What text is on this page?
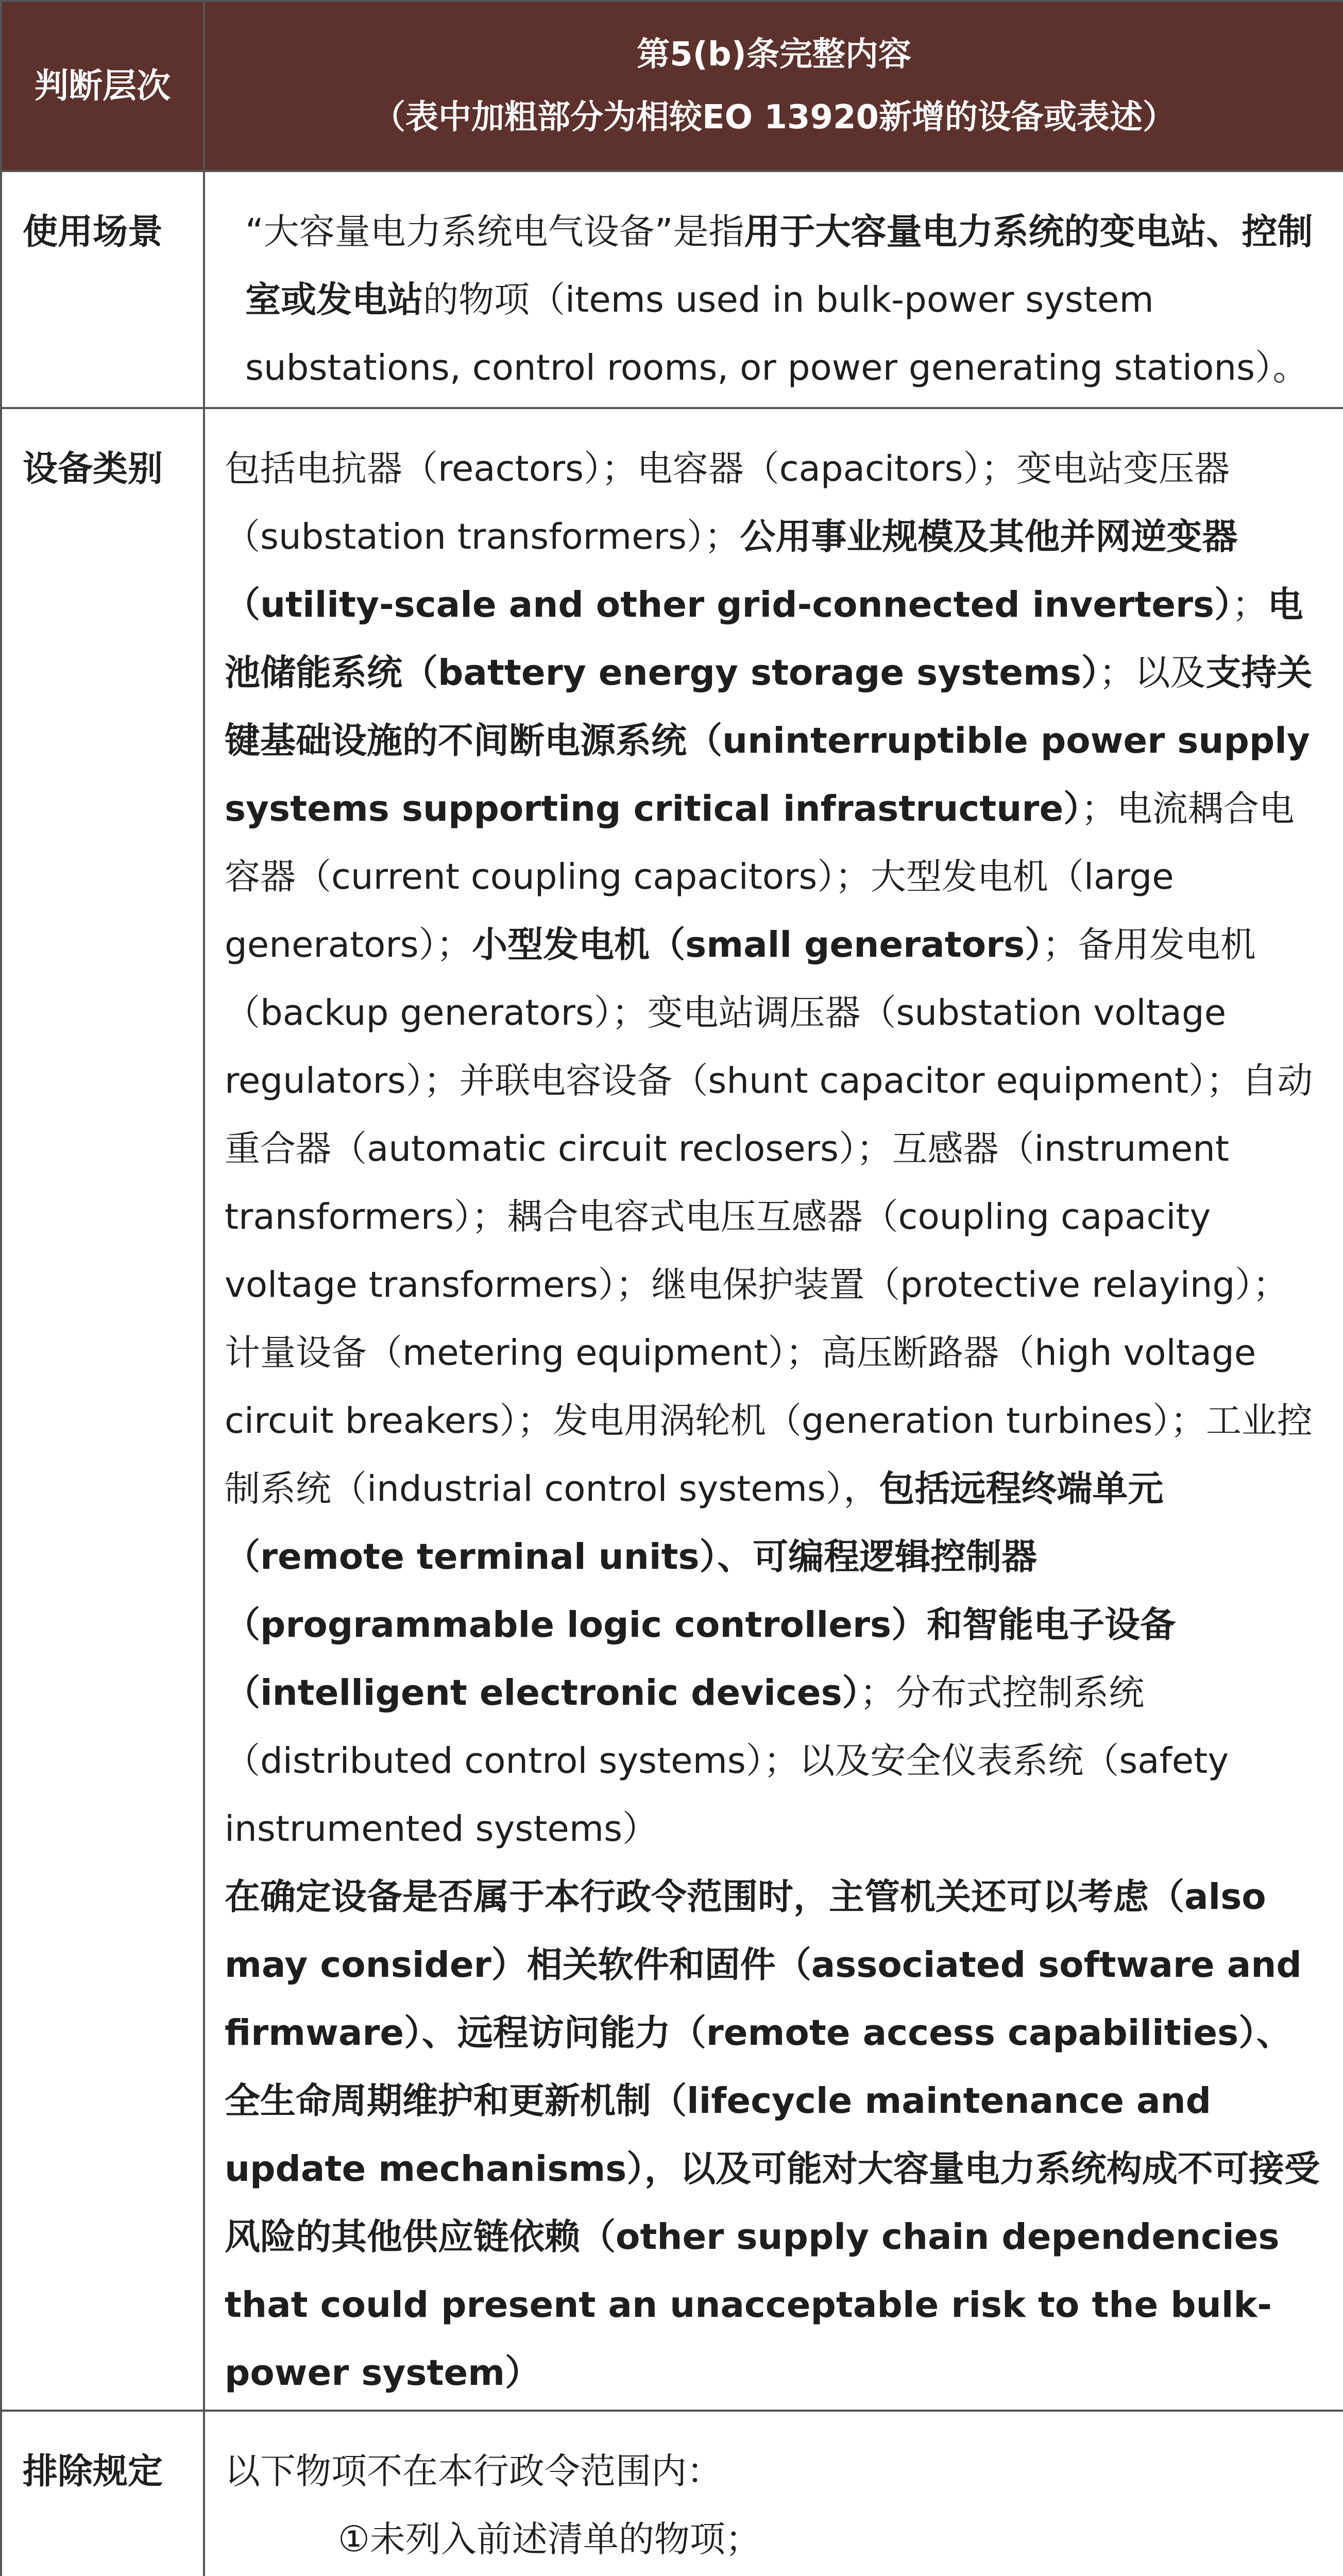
判断层次	第5(b)条完整内容
（表中加粗部分为相较EO 13920新增的设备或表述）

使用场景	“大容量电力系统电气设备”是指用于大容量电力系统的变电站、控制室或发电站的物项（items used in bulk-power system substations, control rooms, or power generating stations）。

设备类别	包括电抗器（reactors）；电容器（capacitors）；变电站变压器（substation transformers）；公用事业规模及其他并网逆变器（utility-scale and other grid-connected inverters）；电池储能系统（battery energy storage systems）；以及支持关键基础设施的不间断电源系统（uninterruptible power supply systems supporting critical infrastructure）；电流耦合电容器（current coupling capacitors）；大型发电机（large generators）；小型发电机（small generators）；备用发电机（backup generators）；变电站调压器（substation voltage regulators）；并联电容设备（shunt capacitor equipment）；自动重合器（automatic circuit reclosers）；互感器（instrument transformers）；耦合电容式电压互感器（coupling capacity voltage transformers）；继电保护装置（protective relaying）；计量设备（metering equipment）；高压断路器（high voltage circuit breakers）；发电用涡轮机（generation turbines）；工业控制系统（industrial control systems），包括远程终端单元（remote terminal units）、可编程逻辑控制器（programmable logic controllers）和智能电子设备（intelligent electronic devices）；分布式控制系统（distributed control systems）；以及安全仪表系统（safety instrumented systems）
在确定设备是否属于本行政令范围时，主管机关还可以考虑（also may consider）相关软件和固件（associated software and firmware）、远程访问能力（remote access capabilities）、全生命周期维护和更新机制（lifecycle maintenance and update mechanisms），以及可能对大容量电力系统构成不可接受风险的其他供应链依赖（other supply chain dependencies that could present an unacceptable risk to the bulk-power system）

排除规定	以下物项不在本行政令范围内：
①未列入前述清单的物项；
